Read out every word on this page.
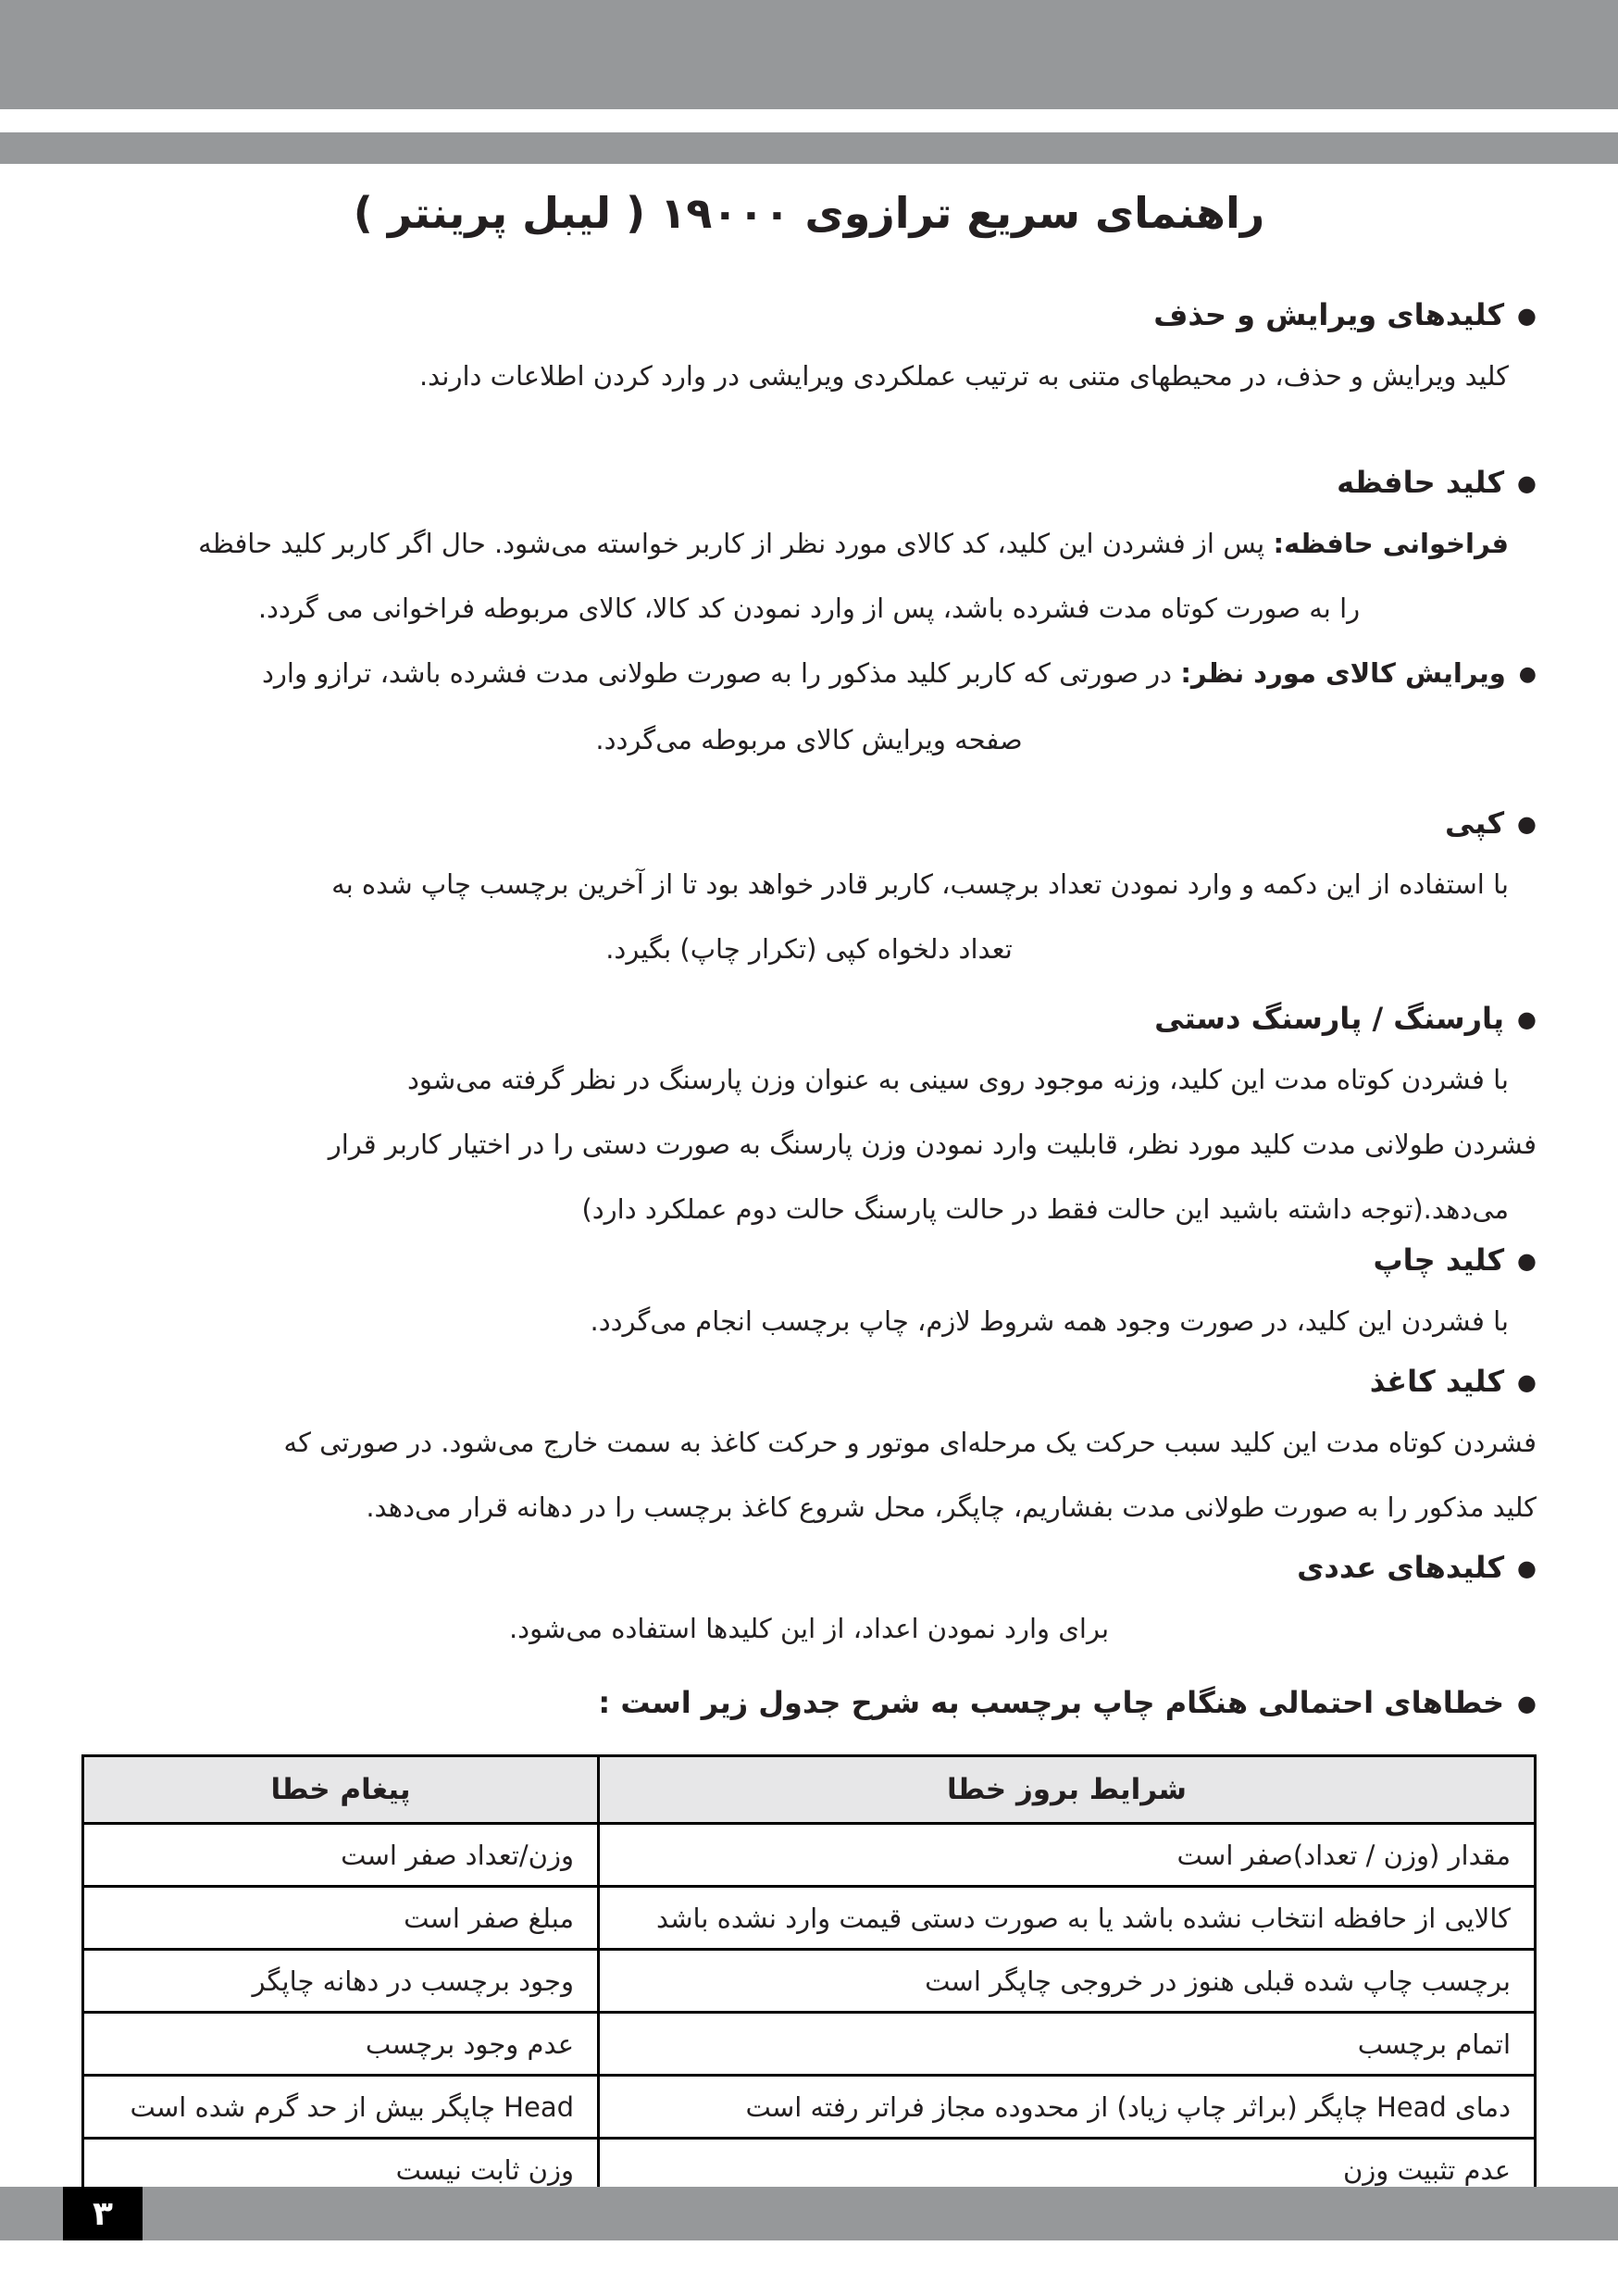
راهنمای سریع ترازوی ۱۹۰۰۰ ( لیبل پرینتر )
●کلیدهای ویرایش و حذف
کلید ویرایش و حذف، در محیطهای متنی به ترتیب عملکردی ویرایشی در وارد کردن اطلاعات دارند.
●کلید حافظه
فراخوانی حافظه: پس از فشردن این کلید، کد کالای مورد نظر از کاربر خواسته می‌شود. حال اگر کاربر کلید حافظه
را به صورت کوتاه مدت فشرده باشد، پس از وارد نمودن کد کالا، کالای مربوطه فراخوانی می گردد.
●ویرایش کالای مورد نظر: در صورتی که کاربر کلید مذکور را به صورت طولانی مدت فشرده باشد، ترازو وارد
صفحه ویرایش کالای مربوطه می‌گردد.
●کپی
با استفاده از این دکمه و وارد نمودن تعداد برچسب، کاربر قادر خواهد بود تا از آخرین برچسب چاپ شده به
تعداد دلخواه کپی (تکرار چاپ) بگیرد.
●پارسنگ / پارسنگ دستی
با فشردن کوتاه مدت این کلید، وزنه موجود روی سینی به عنوان وزن پارسنگ در نظر گرفته می‌شود
فشردن طولانی مدت کلید مورد نظر، قابلیت وارد نمودن وزن پارسنگ به صورت دستی را در اختیار کاربر قرار
می‌دهد.(توجه داشته باشید این حالت فقط در حالت پارسنگ حالت دوم عملکرد دارد)
●کلید چاپ
با فشردن این کلید، در صورت وجود همه شروط لازم، چاپ برچسب انجام می‌گردد.
●کلید کاغذ
فشردن کوتاه مدت این کلید سبب حرکت یک مرحله‌ای موتور و حرکت کاغذ به سمت خارج می‌شود. در صورتی که
کلید مذکور را به صورت طولانی مدت بفشاریم، چاپگر، محل شروع کاغذ برچسب را در دهانه قرار می‌دهد.
●کلیدهای عددی
برای وارد نمودن اعداد، از این کلیدها استفاده می‌شود.
●خطاهای احتمالی هنگام چاپ برچسب به شرح جدول زیر است :
شرایط بروز خطا	پیغام خطا
مقدار (وزن / تعداد)صفر است	وزن/تعداد صفر است
کالایی از حافظه انتخاب نشده باشد یا به صورت دستی قیمت وارد نشده باشد	مبلغ صفر است
برچسب چاپ شده قبلی هنوز در خروجی چاپگر است	وجود برچسب در دهانه چاپگر
اتمام برچسب	عدم وجود برچسب
دمای Head چاپگر (براثر چاپ زیاد) از محدوده مجاز فراتر رفته است	Head چاپگر بیش از حد گرم شده است
عدم تثبیت وزن	وزن ثابت نیست
۳
